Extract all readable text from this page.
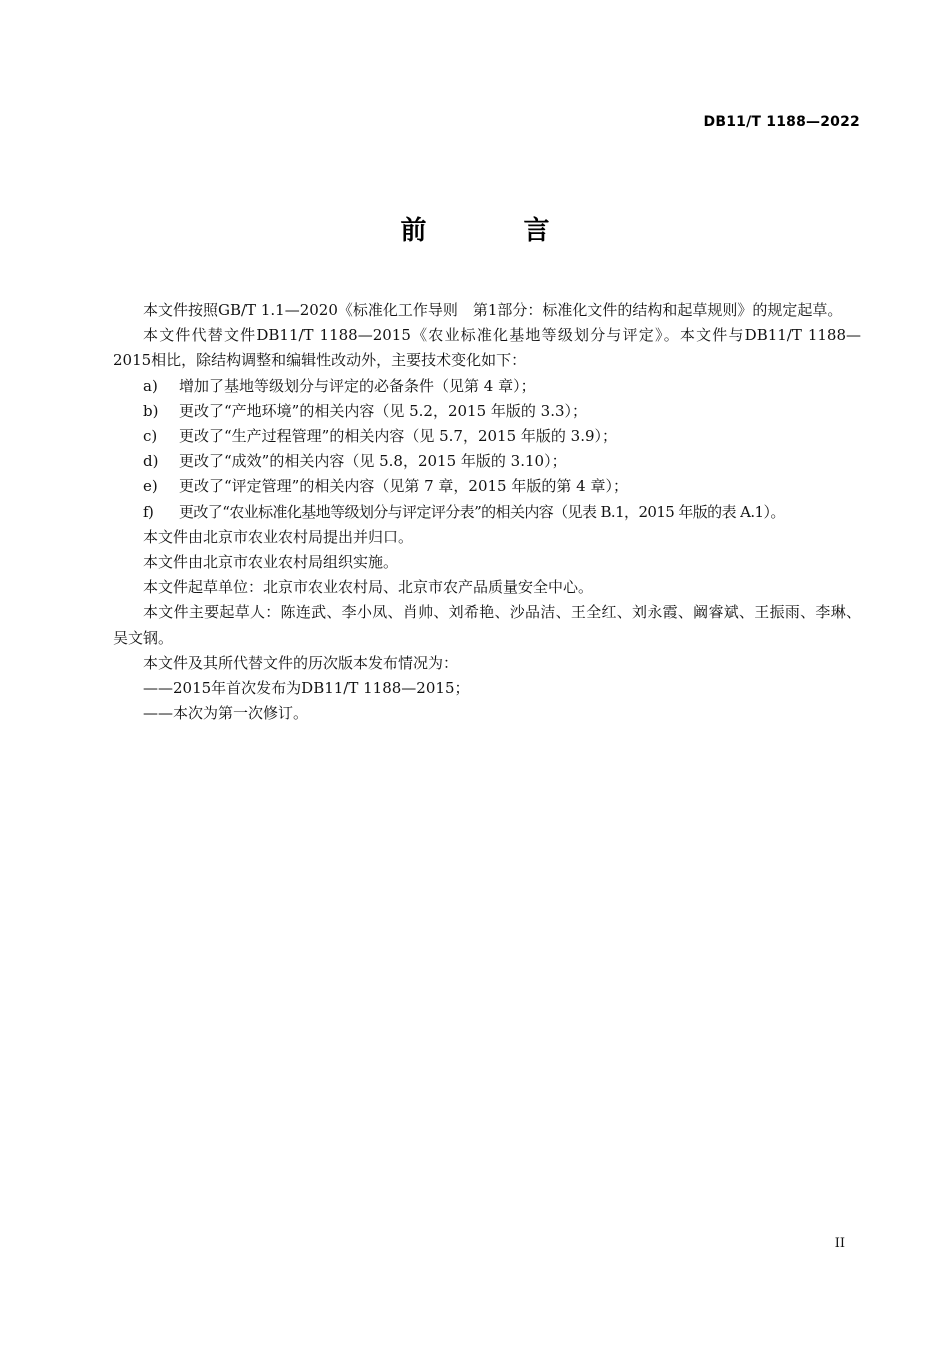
DB11/T 1188—2022
前 言

本文件按照GB/T 1.1—2020《标准化工作导则　第1部分：标准化文件的结构和起草规则》的规定起草。

本文件代替文件DB11/T 1188—2015《农业标准化基地等级划分与评定》。本文件与DB11/T 1188—2015相比，除结构调整和编辑性改动外，主要技术变化如下：

a) 增加了基地等级划分与评定的必备条件（见第 4 章）；
b) 更改了“产地环境”的相关内容（见 5.2，2015 年版的 3.3）；
c) 更改了“生产过程管理”的相关内容（见 5.7，2015 年版的 3.9）；
d) 更改了“成效”的相关内容（见 5.8，2015 年版的 3.10）；
e) 更改了“评定管理”的相关内容（见第 7 章，2015 年版的第 4 章）；
f) 更改了“农业标准化基地等级划分与评定评分表”的相关内容（见表 B.1，2015 年版的表 A.1）。

本文件由北京市农业农村局提出并归口。

本文件由北京市农业农村局组织实施。

本文件起草单位：北京市农业农村局、北京市农产品质量安全中心。

本文件主要起草人：陈连武、李小凤、肖帅、刘希艳、沙品洁、王全红、刘永霞、阚睿斌、王振雨、李琳、吴文钢。

本文件及其所代替文件的历次版本发布情况为：

——2015年首次发布为DB11/T 1188—2015；

——本次为第一次修订。

II
